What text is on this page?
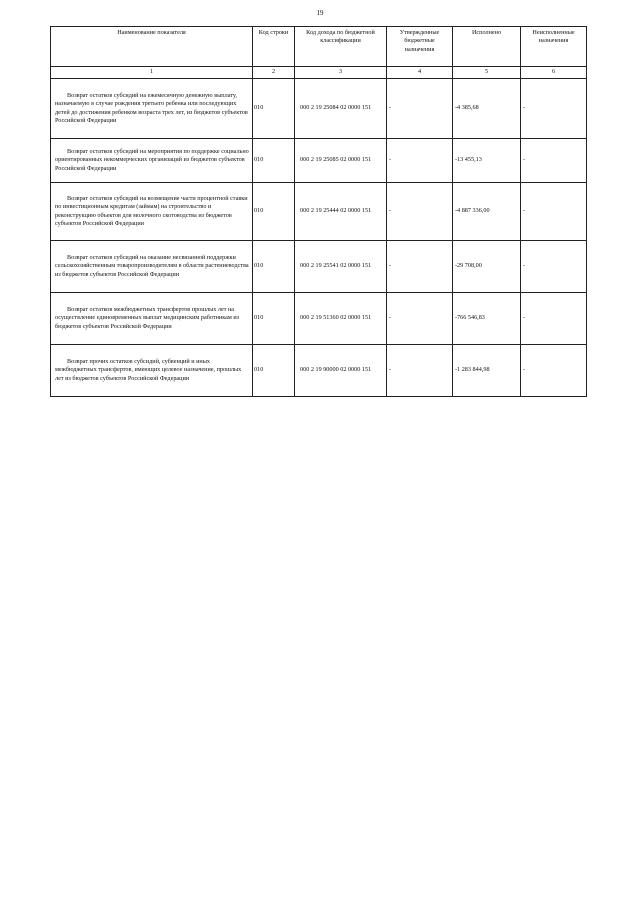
19
Наименование показателя	Код строки	Код дохода по бюджетной классификации	Утвержденные бюджетные назначения	Исполнено	Неисполненные назначения
1	2	3	4	5	6
Возврат остатков субсидий на ежемесячную денежную выплату, назначаемую в случае рождения третьего ребенка или последующих детей до достижения ребенком возраста трех лет, из бюджетов субъектов Российской Федерации	010	000 2 19 25084 02 0000 151	-	-4 385,68	-
Возврат остатков субсидий на мероприятия по поддержке социально ориентированных некоммерческих организаций из бюджетов субъектов Российской Федерации	010	000 2 19 25085 02 0000 151	-	-13 455,13	-
Возврат остатков субсидий на возмещение части процентной ставки по инвестиционным кредитам (займам) на строительство и реконструкцию объектов для молочного скотоводства из бюджетов субъектов Российской Федерации	010	000 2 19 25444 02 0000 151	-	-4 887 336,00	-
Возврат остатков субсидий на оказание несвязанной поддержки сельскохозяйственным товаропроизводителям в области растениеводства из бюджетов субъектов Российской Федерации	010	000 2 19 25541 02 0000 151	-	-29 708,00	-
Возврат остатков межбюджетных трансфертов прошлых лет на осуществление единовременных выплат медицинским работникам из бюджетов субъектов Российской Федерации	010	000 2 19 51360 02 0000 151	-	-766 546,83	-
Возврат прочих остатков субсидий, субвенций и иных межбюджетных трансфертов, имеющих целевое назначение, прошлых лет из бюджетов субъектов Российской Федерации	010	000 2 19 90000 02 0000 151	-	-1 283 844,98	-
